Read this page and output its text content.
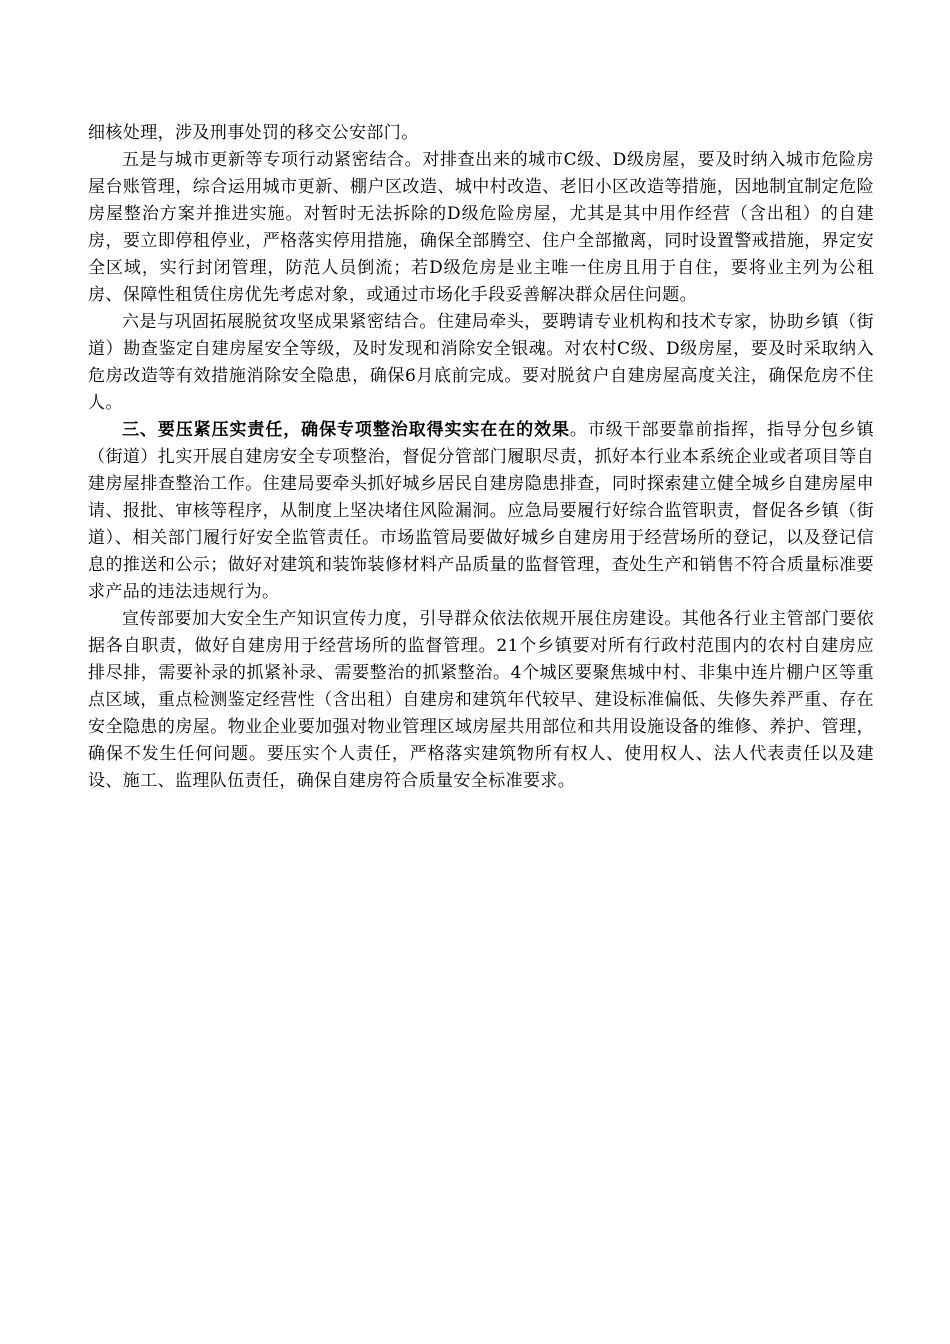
细核处理，涉及刑事处罚的移交公安部门。

五是与城市更新等专项行动紧密结合。对排查出来的城市C级、D级房屋，要及时纳入城市危险房屋台账管理，综合运用城市更新、棚户区改造、城中村改造、老旧小区改造等措施，因地制宜制定危险房屋整治方案并推进实施。对暂时无法拆除的D级危险房屋，尤其是其中用作经营（含出租）的自建房，要立即停租停业，严格落实停用措施，确保全部腾空、住户全部撤离，同时设置警戒措施，界定安全区域，实行封闭管理，防范人员倒流；若D级危房是业主唯一住房且用于自住，要将业主列为公租房、保障性租赁住房优先考虑对象，或通过市场化手段妥善解决群众居住问题。

六是与巩固拓展脱贫攻坚成果紧密结合。住建局牵头，要聘请专业机构和技术专家，协助乡镇（街道）勘查鉴定自建房屋安全等级，及时发现和消除安全银魂。对农村C级、D级房屋，要及时采取纳入危房改造等有效措施消除安全隐患，确保6月底前完成。要对脱贫户自建房屋高度关注，确保危房不住人。

三、要压紧压实责任，确保专项整治取得实实在在的效果。市级干部要靠前指挥，指导分包乡镇（街道）扎实开展自建房安全专项整治，督促分管部门履职尽责，抓好本行业本系统企业或者项目等自建房屋排查整治工作。住建局要牵头抓好城乡居民自建房隐患排查，同时探索建立健全城乡自建房屋申请、报批、审核等程序，从制度上坚决堵住风险漏洞。应急局要履行好综合监管职责，督促各乡镇（街道）、相关部门履行好安全监管责任。市场监管局要做好城乡自建房用于经营场所的登记，以及登记信息的推送和公示；做好对建筑和装饰装修材料产品质量的监督管理，查处生产和销售不符合质量标准要求产品的违法违规行为。

宣传部要加大安全生产知识宣传力度，引导群众依法依规开展住房建设。其他各行业主管部门要依据各自职责，做好自建房用于经营场所的监督管理。21个乡镇要对所有行政村范围内的农村自建房应排尽排，需要补录的抓紧补录、需要整治的抓紧整治。4个城区要聚焦城中村、非集中连片棚户区等重点区域，重点检测鉴定经营性（含出租）自建房和建筑年代较早、建设标准偏低、失修失养严重、存在安全隐患的房屋。物业企业要加强对物业管理区域房屋共用部位和共用设施设备的维修、养护、管理，确保不发生任何问题。要压实个人责任，严格落实建筑物所有权人、使用权人、法人代表责任以及建设、施工、监理队伍责任，确保自建房符合质量安全标准要求。
